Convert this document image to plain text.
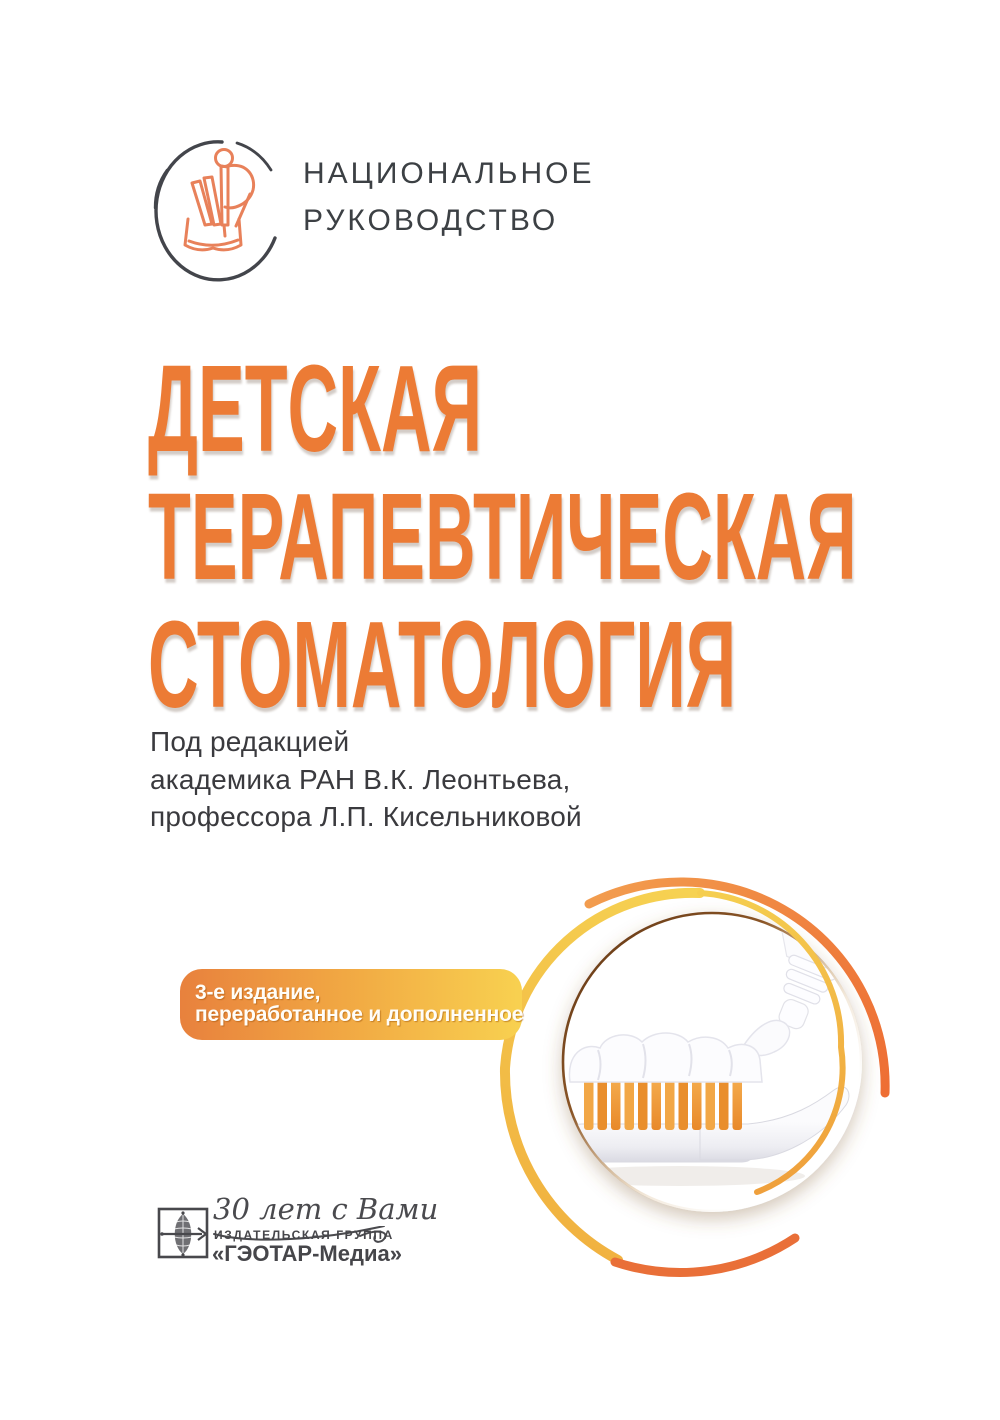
НАЦИОНАЛЬНОЕ
РУКОВОДСТВО
ДЕТСКАЯ
ТЕРАПЕВТИЧЕСКАЯ
СТОМАТОЛОГИЯ
Под редакцией
академика РАН В.К. Леонтьева,
профессора Л.П. Кисельниковой
3-е издание,
переработанное и дополненное
30 лет с Вами
ИЗДАТЕЛЬСКАЯ ГРУППА
«ГЭОТАР-Медиа»
